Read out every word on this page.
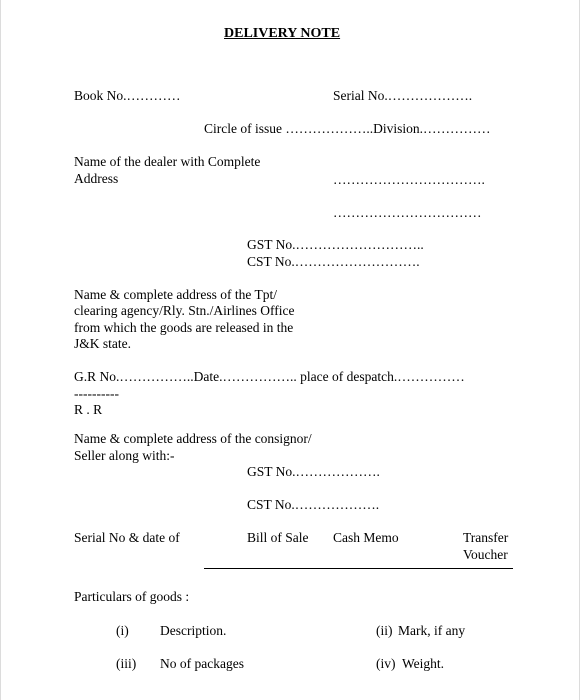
DELIVERY NOTE
Book No.…………	Serial No.……………….
Circle of issue ………………..Division.……………
Name of the dealer with Complete
Address	…………………………….
……………………………
GST No.………………………..
CST No.……………………….
Name & complete address of the Tpt/
clearing agency/Rly. Stn./Airlines Office
from which the goods are released in the
J&K state.
G.R No.……………..Date.…………….. place of despatch.……………
----------
R . R
Name & complete address of the consignor/
Seller along with:-
GST No.……………….
CST No.……………….
Serial No & date of	Bill of Sale Cash Memo	Transfer
Voucher
Particulars of goods :
(i) Description.	(ii) Mark, if any
(iii) No of packages	(iv) Weight.
